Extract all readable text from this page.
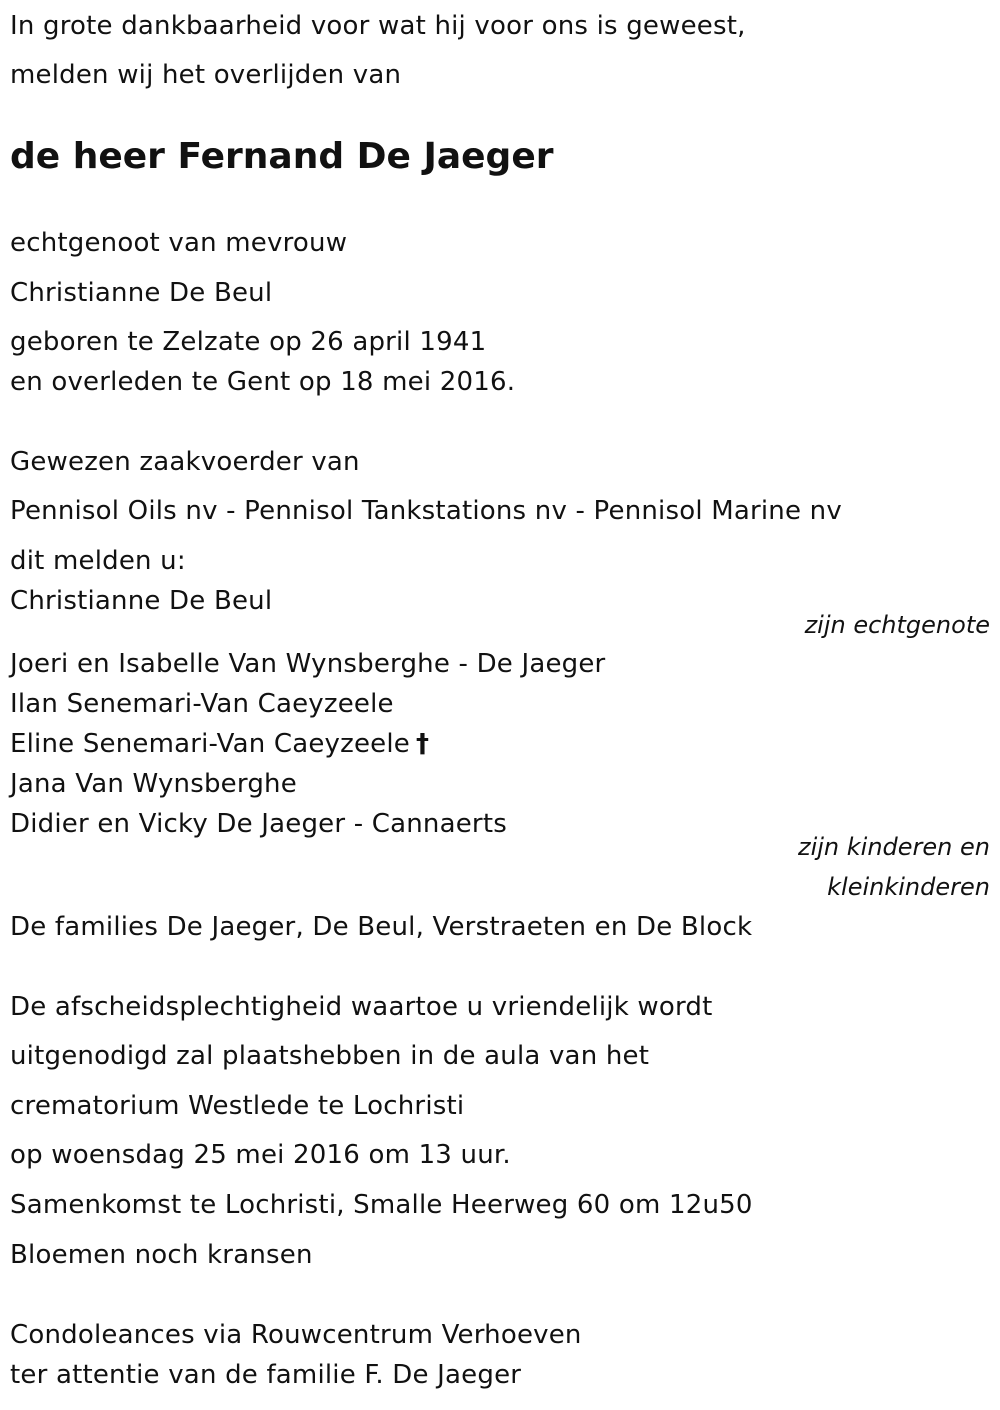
In grote dankbaarheid voor wat hij voor ons is geweest,
melden wij het overlijden van
de heer Fernand De Jaeger
echtgenoot van mevrouw
Christianne De Beul
geboren te Zelzate op 26 april 1941
en overleden te Gent op 18 mei 2016.
Gewezen zaakvoerder van
Pennisol Oils nv - Pennisol Tankstations nv - Pennisol Marine nv
dit melden u:
Christianne De Beul
zijn echtgenote
Joeri en Isabelle Van Wynsberghe - De Jaeger
Ilan Senemari-Van Caeyzeele
Eline Senemari-Van Caeyzeele †
Jana Van Wynsberghe
Didier en Vicky De Jaeger - Cannaerts
zijn kinderen en
kleinkinderen
De families De Jaeger, De Beul, Verstraeten en De Block
De afscheidsplechtigheid waartoe u vriendelijk wordt
uitgenodigd zal plaatshebben in de aula van het
crematorium Westlede te Lochristi
op woensdag 25 mei 2016 om 13 uur.
Samenkomst te Lochristi, Smalle Heerweg 60 om 12u50
Bloemen noch kransen
Condoleances via Rouwcentrum Verhoeven
ter attentie van de familie F. De Jaeger
